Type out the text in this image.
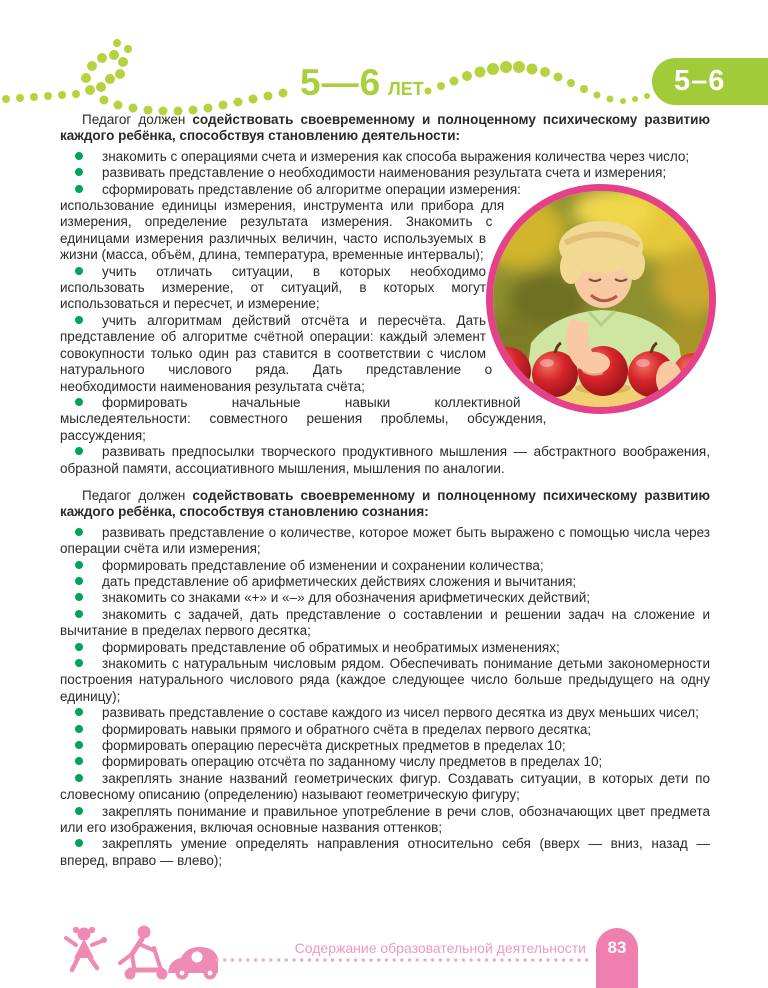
5—6 ЛЕТ	5–6

Педагог должен содействовать своевременному и полноценному психическому развитию каждого ребёнка, способствуя становлению деятельности:

знакомить с операциями счета и измерения как способа выражения количества через число;
развивать представление о необходимости наименования результата счета и измерения;
сформировать представление об алгоритме операции измерения: использование единицы измерения, инструмента или прибора для измерения, определение результата измерения. Знакомить с единицами измерения различных величин, часто используемых в жизни (масса, объём, длина, температура, временные интервалы);
учить отличать ситуации, в которых необходимо использовать измерение, от ситуаций, в которых могут использоваться и пересчет, и измерение;
учить алгоритмам действий отсчёта и пересчёта. Дать представление об алгоритме счётной операции: каждый элемент совокупности только один раз ставится в соответствии с числом натурального числового ряда. Дать представление о необходимости наименования результата счёта;
формировать начальные навыки коллективной мыследеятельности: совместного решения проблемы, обсуждения, рассуждения;
развивать предпосылки творческого продуктивного мышления — абстрактного воображения, образной памяти, ассоциативного мышления, мышления по аналогии.

Педагог должен содействовать своевременному и полноценному психическому развитию каждого ребёнка, способствуя становлению сознания:

развивать представление о количестве, которое может быть выражено с помощью числа через операции счёта или измерения;
формировать представление об изменении и сохранении количества;
дать представление об арифметических действиях сложения и вычитания;
знакомить со знаками «+» и «–» для обозначения арифметических действий;
знакомить с задачей, дать представление о составлении и решении задач на сложение и вычитание в пределах первого десятка;
формировать представление об обратимых и необратимых изменениях;
знакомить с натуральным числовым рядом. Обеспечивать понимание детьми закономерности построения натурального числового ряда (каждое следующее число больше предыдущего на одну единицу);
развивать представление о составе каждого из чисел первого десятка из двух меньших чисел;
формировать навыки прямого и обратного счёта в пределах первого десятка;
формировать операцию пересчёта дискретных предметов в пределах 10;
формировать операцию отсчёта по заданному числу предметов в пределах 10;
закреплять знание названий геометрических фигур. Создавать ситуации, в которых дети по словесному описанию (определению) называют геометрическую фигуру;
закреплять понимание и правильное употребление в речи слов, обозначающих цвет предмета или его изображения, включая основные названия оттенков;
закреплять умение определять направления относительно себя (вверх — вниз, назад — вперед, вправо — влево);
Содержание образовательной деятельности	83
